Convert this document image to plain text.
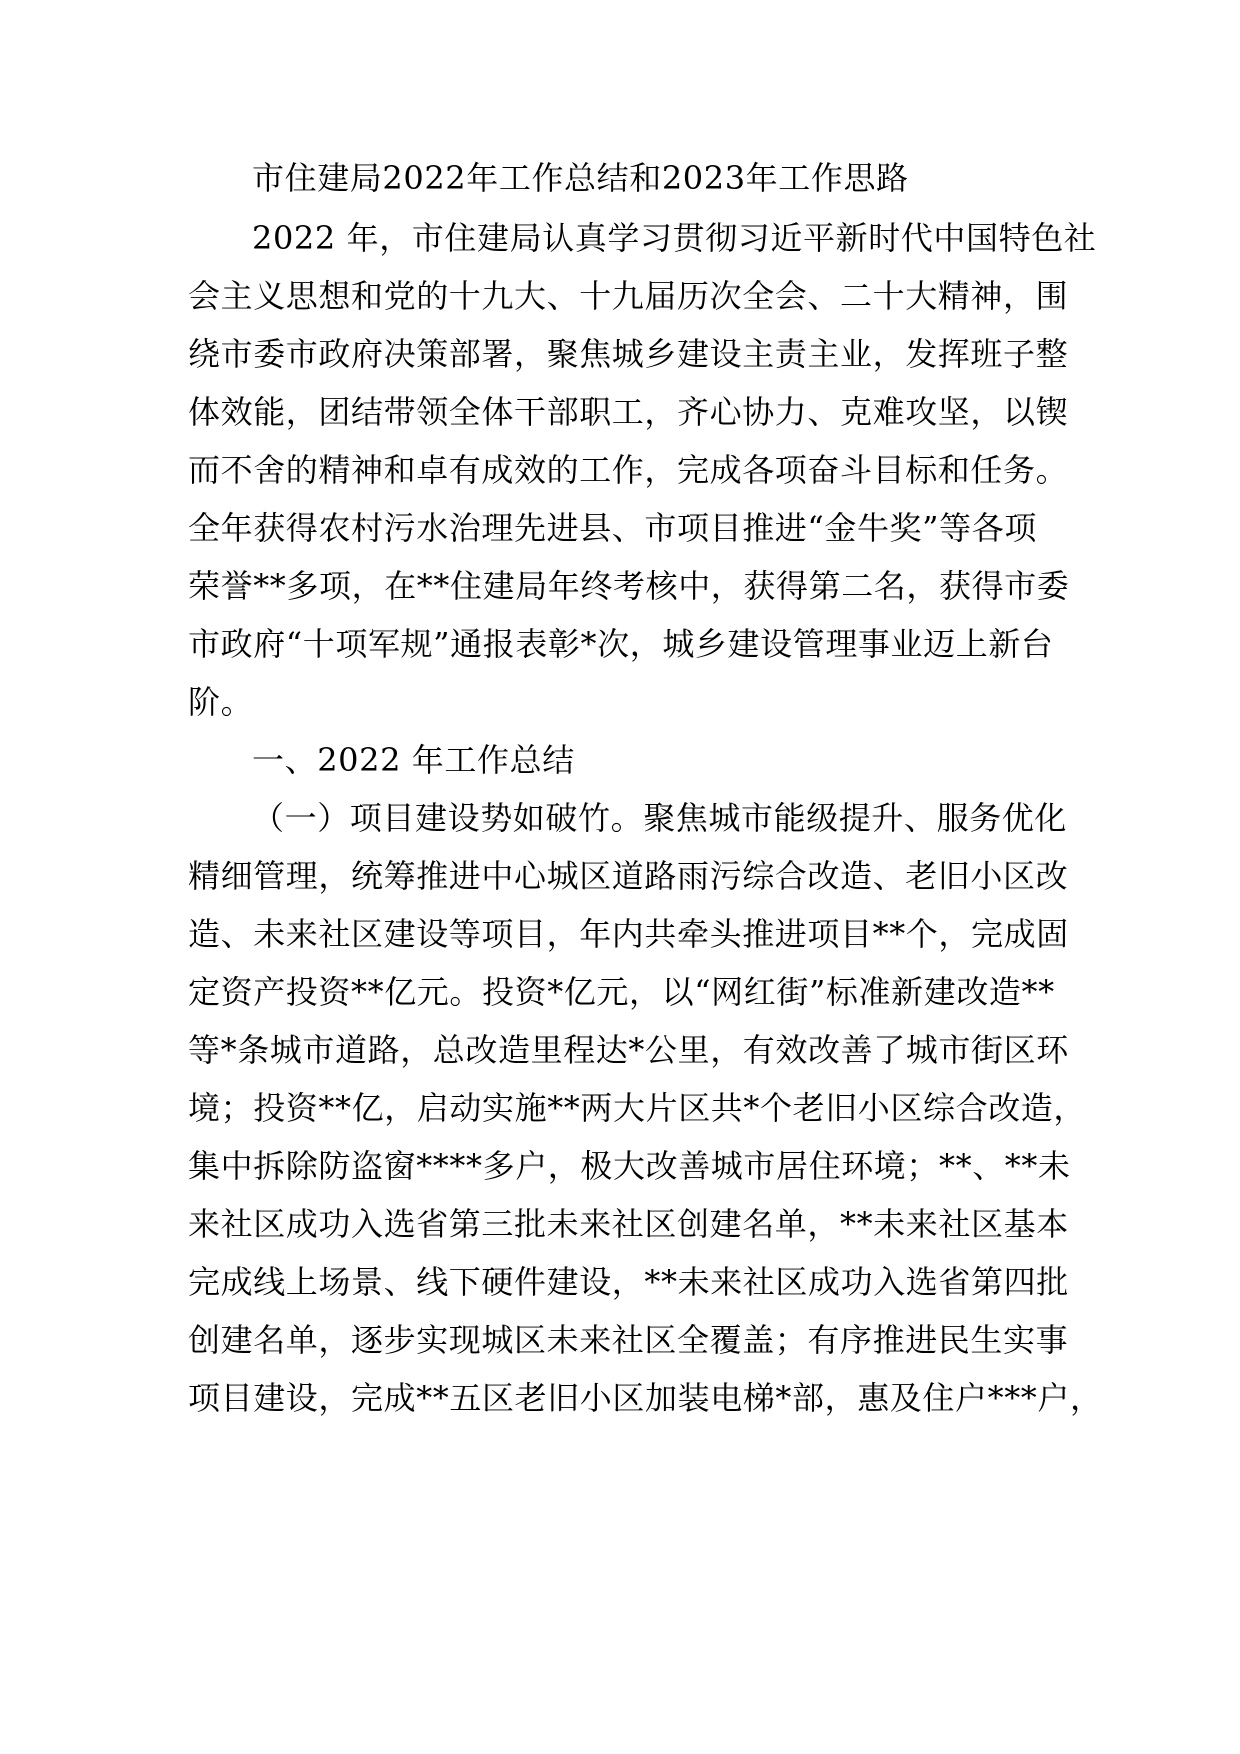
市住建局2022年工作总结和2023年工作思路
2022 年，市住建局认真学习贯彻习近平新时代中国特色社
会主义思想和党的十九大、十九届历次全会、二十大精神，围
绕市委市政府决策部署，聚焦城乡建设主责主业，发挥班子整
体效能，团结带领全体干部职工，齐心协力、克难攻坚，以锲
而不舍的精神和卓有成效的工作，完成各项奋斗目标和任务。
全年获得农村污水治理先进县、市项目推进“金牛奖”等各项
荣誉**多项，在**住建局年终考核中，获得第二名，获得市委
市政府“十项军规”通报表彰*次，城乡建设管理事业迈上新台
阶。
一、2022 年工作总结
（一）项目建设势如破竹。聚焦城市能级提升、服务优化
精细管理，统筹推进中心城区道路雨污综合改造、老旧小区改
造、未来社区建设等项目，年内共牵头推进项目**个，完成固
定资产投资**亿元。投资*亿元，以“网红街”标准新建改造**
等*条城市道路，总改造里程达*公里，有效改善了城市街区环
境；投资**亿，启动实施**两大片区共*个老旧小区综合改造，
集中拆除防盗窗****多户，极大改善城市居住环境；**、**未
来社区成功入选省第三批未来社区创建名单，**未来社区基本
完成线上场景、线下硬件建设，**未来社区成功入选省第四批
创建名单，逐步实现城区未来社区全覆盖；有序推进民生实事
项目建设，完成**五区老旧小区加装电梯*部，惠及住户***户，
